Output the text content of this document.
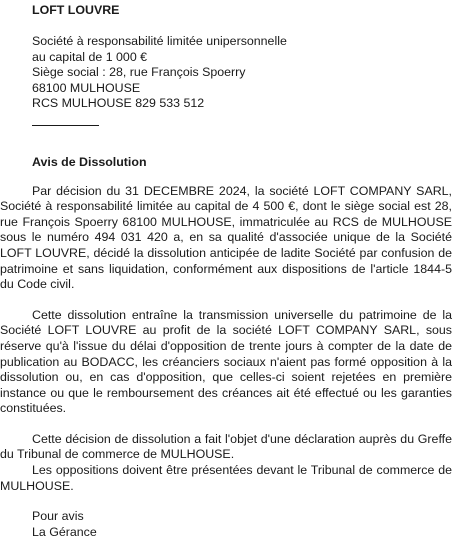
LOFT LOUVRE
Société à responsabilité limitée unipersonnelle
au capital de 1 000 €
Siège social : 28, rue François Spoerry
68100 MULHOUSE
RCS MULHOUSE 829 533 512
Avis de Dissolution

Par décision du 31 DECEMBRE 2024, la société LOFT COMPANY SARL, Société à responsabilité limitée au capital de 4 500 €, dont le siège social est 28, rue François Spoerry 68100 MULHOUSE, immatriculée au RCS de MULHOUSE sous le numéro 494 031 420 a, en sa qualité d'associée unique de la Société LOFT LOUVRE, décidé la dissolution anticipée de ladite Société par confusion de patrimoine et sans liquidation, conformément aux dispositions de l'article 1844-5 du Code civil.

Cette dissolution entraîne la transmission universelle du patrimoine de la Société LOFT LOUVRE au profit de la société LOFT COMPANY SARL, sous réserve qu'à l'issue du délai d'opposition de trente jours à compter de la date de publication au BODACC, les créanciers sociaux n'aient pas formé opposition à la dissolution ou, en cas d'opposition, que celles-ci soient rejetées en première instance ou que le remboursement des créances ait été effectué ou les garanties constituées.

Cette décision de dissolution a fait l'objet d'une déclaration auprès du Greffe du Tribunal de commerce de MULHOUSE.

Les oppositions doivent être présentées devant le Tribunal de commerce de MULHOUSE.

Pour avis
La Gérance
